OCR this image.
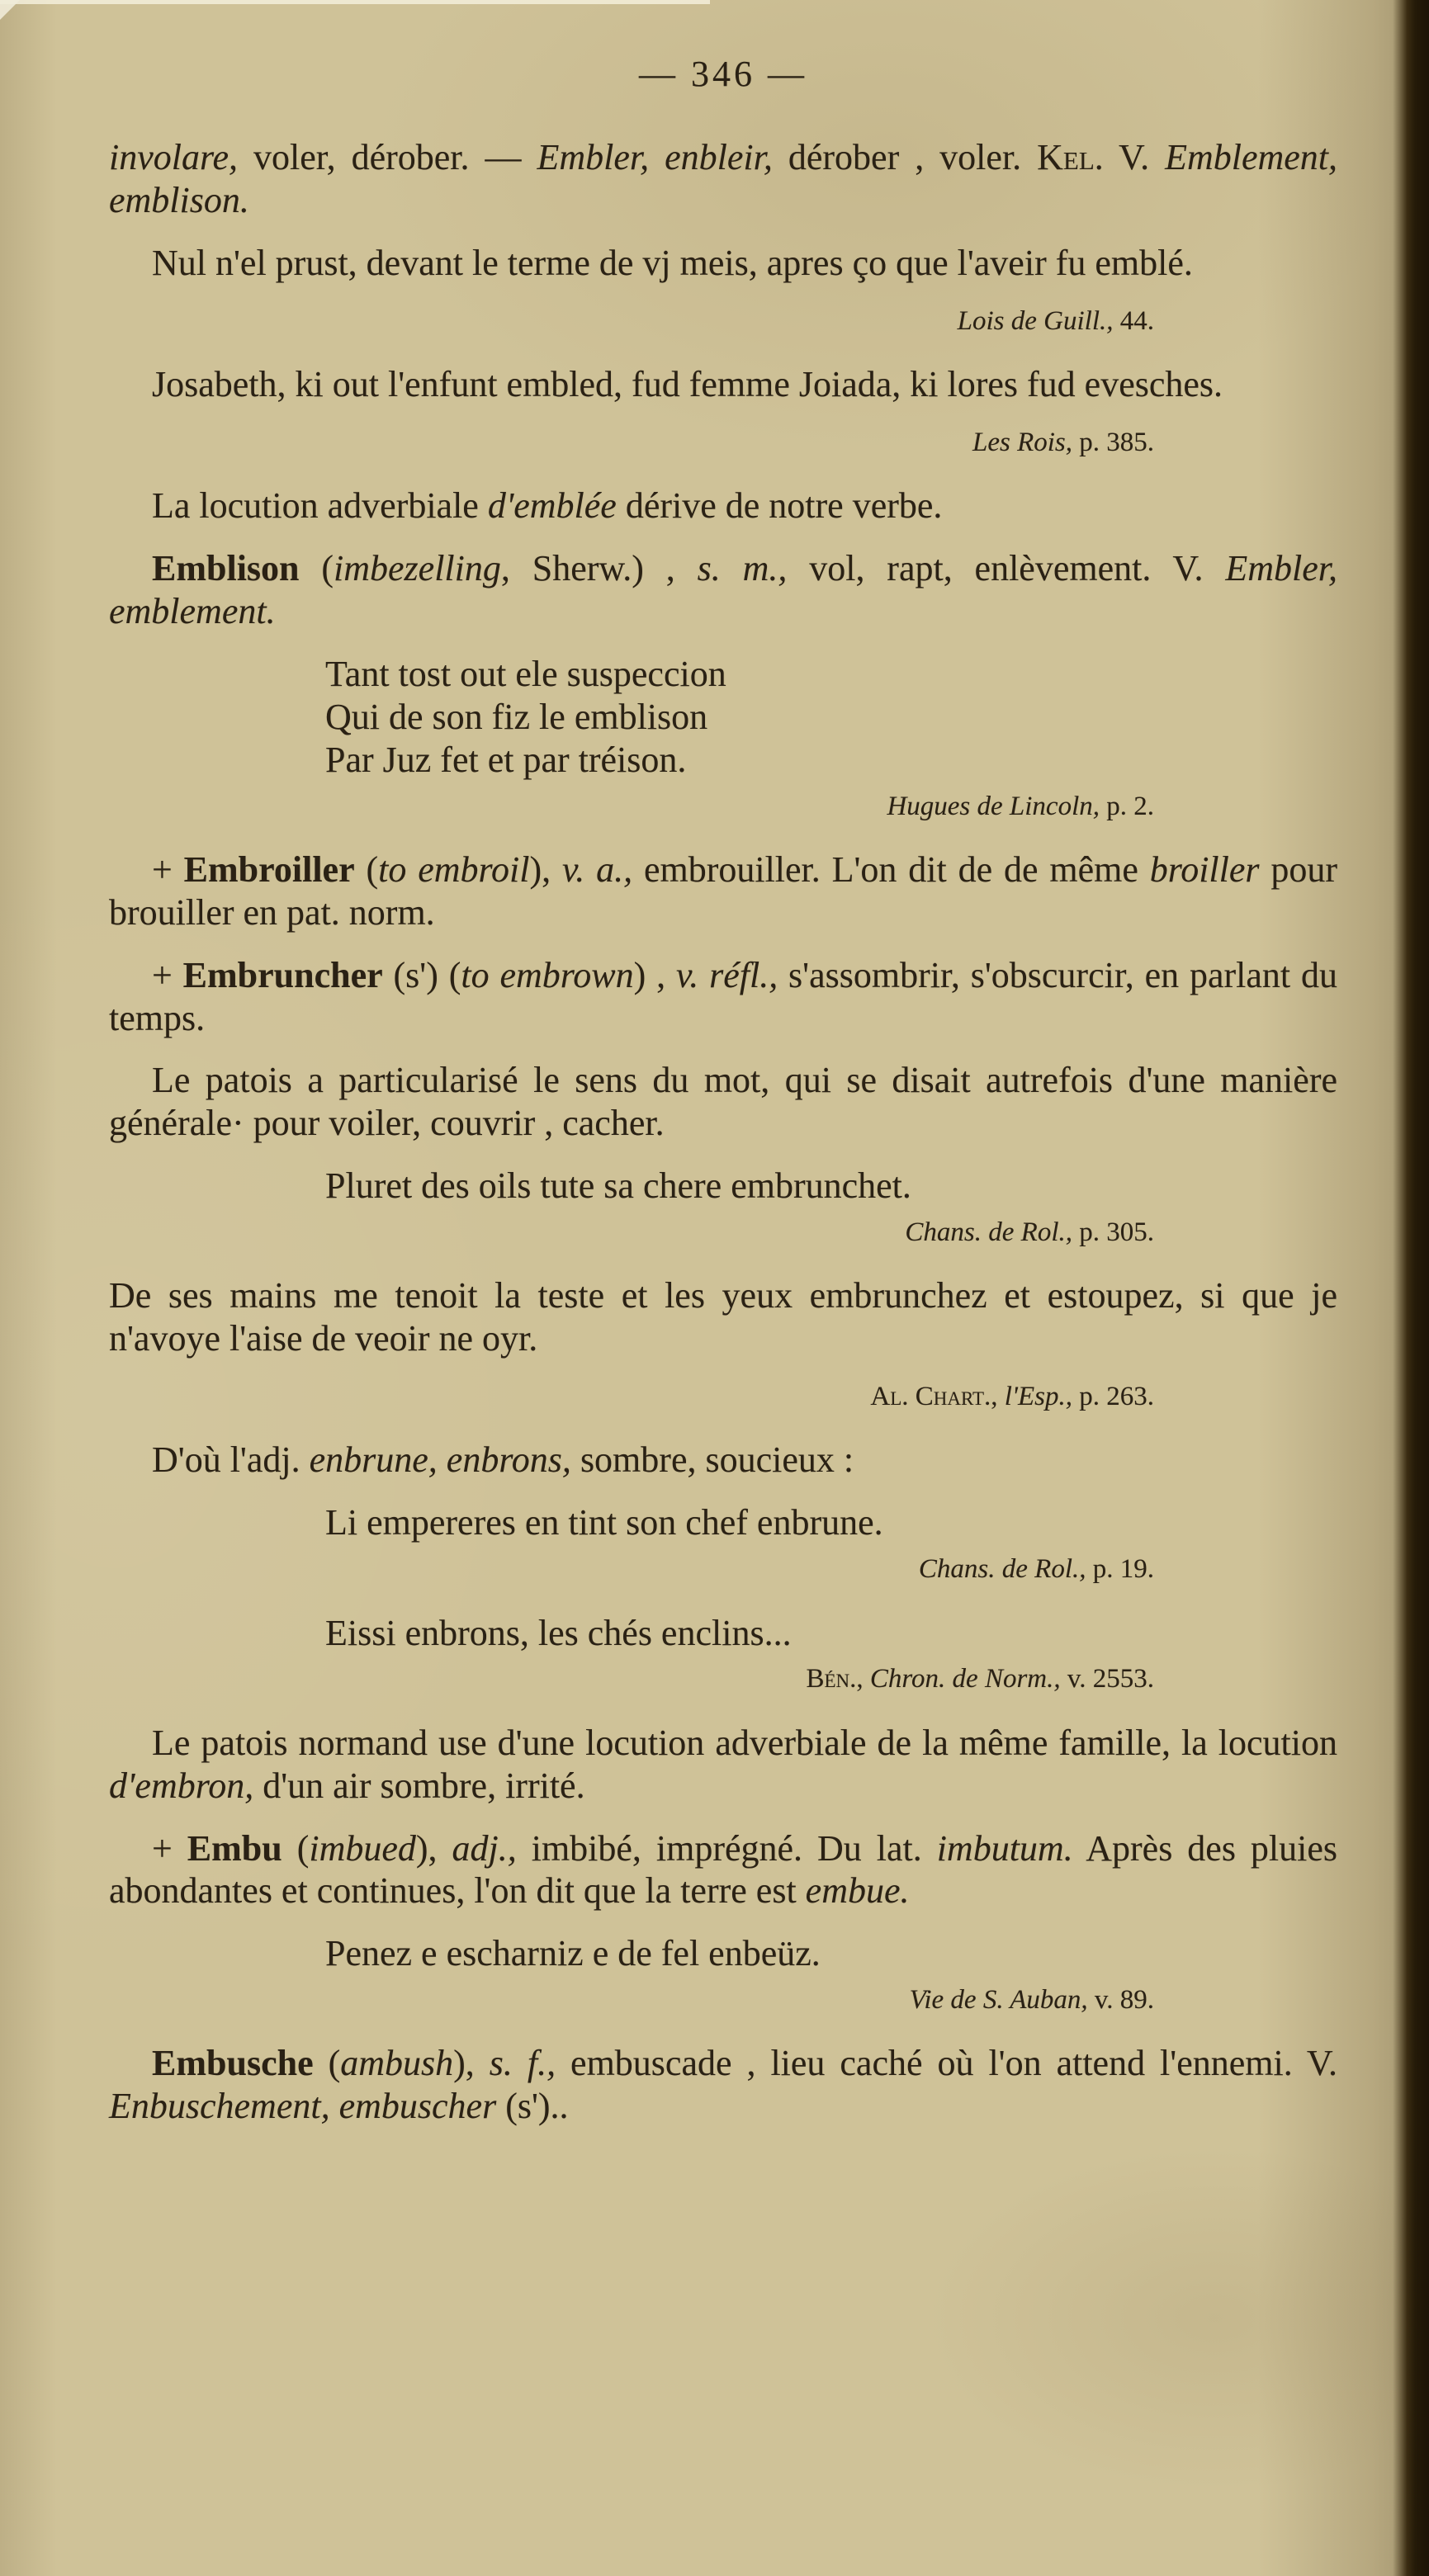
— 346 —
involare, voler, dérober. — Embler, enbleir, dérober , voler. Kel. V. Emblement, emblison.
Nul n'el prust, devant le terme de vj meis, apres ço que l'aveir fu emblé.
Lois de Guill., 44.
Josabeth, ki out l'enfunt embled, fud femme Joiada, ki lores fud evesches.
Les Rois, p. 385.
La locution adverbiale d'emblée dérive de notre verbe.
Emblison (imbezelling, Sherw.) , s. m., vol, rapt, enlèvement. V. Embler, emblement.
Tant tost out ele suspeccion
Qui de son fiz le emblison
Par Juz fet et par tréison.
Hugues de Lincoln, p. 2.
+ Embroiller (to embroil), v. a., embrouiller. L'on dit de de même broiller pour brouiller en pat. norm.
+ Embruncher (s') (to embrown) , v. réfl., s'assombrir, s'obscurcir, en parlant du temps.
Le patois a particularisé le sens du mot, qui se disait autrefois d'une manière générale· pour voiler, couvrir , cacher.
Pluret des oils tute sa chere embrunchet.
Chans. de Rol., p. 305.
De ses mains me tenoit la teste et les yeux embrunchez et estoupez, si que je n'avoye l'aise de veoir ne oyr.
Al. Chart., l'Esp., p. 263.
D'où l'adj. enbrune, enbrons, sombre, soucieux :
Li empereres en tint son chef enbrune.
Chans. de Rol., p. 19.
Eissi enbrons, les chés enclins...
Bén., Chron. de Norm., v. 2553.
Le patois normand use d'une locution adverbiale de la même famille, la locution d'embron, d'un air sombre, irrité.
+ Embu (imbued), adj., imbibé, imprégné. Du lat. imbutum. Après des pluies abondantes et continues, l'on dit que la terre est embue.
Penez e escharniz e de fel enbeüz.
Vie de S. Auban, v. 89.
Embusche (ambush), s. f., embuscade , lieu caché où l'on attend l'ennemi. V. Enbuschement, embuscher (s')..
